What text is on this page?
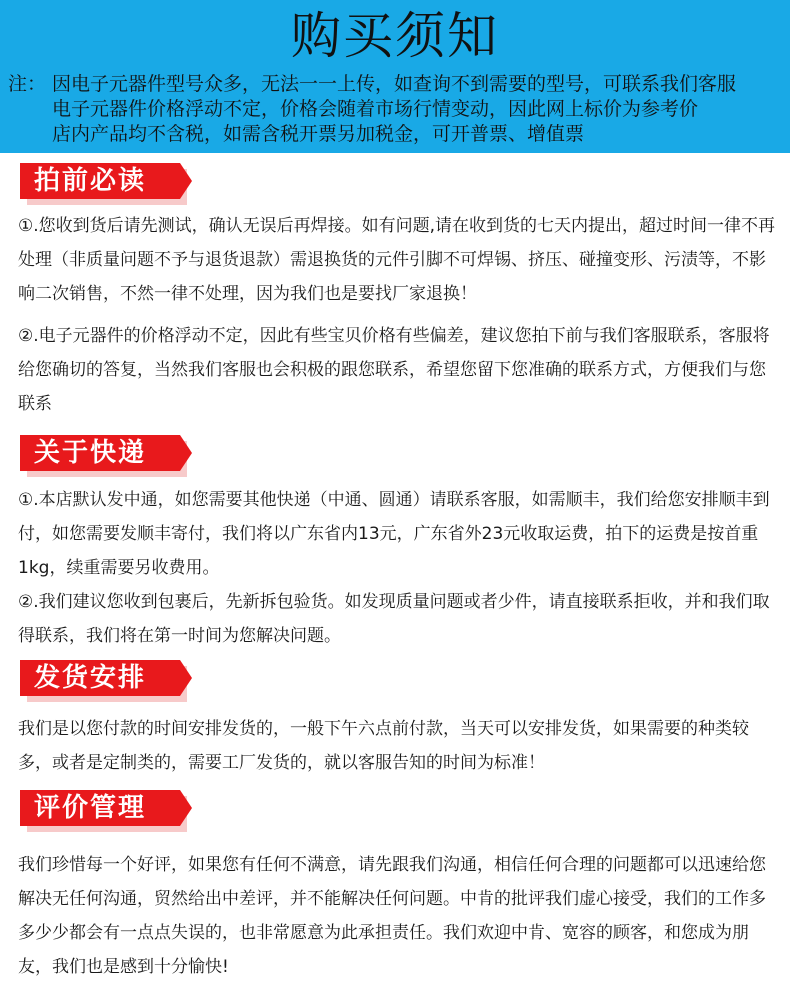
购买须知
注： 因电子元器件型号众多，无法一一上传，如查询不到需要的型号，可联系我们客服
电子元器件价格浮动不定，价格会随着市场行情变动，因此网上标价为参考价
店内产品均不含税，如需含税开票另加税金，可开普票、增值票
拍前必读

①.您收到货后请先测试，确认无误后再焊接。如有问题,请在收到货的七天内提出，超过时间一律不再处理（非质量问题不予与退货退款）需退换货的元件引脚不可焊锡、挤压、碰撞变形、污渍等，不影响二次销售，不然一律不处理，因为我们也是要找厂家退换！

②.电子元器件的价格浮动不定，因此有些宝贝价格有些偏差，建议您拍下前与我们客服联系，客服将给您确切的答复，当然我们客服也会积极的跟您联系，希望您留下您准确的联系方式，方便我们与您联系

关于快递

①.本店默认发中通，如您需要其他快递（中通、圆通）请联系客服，如需顺丰，我们给您安排顺丰到付，如您需要发顺丰寄付，我们将以广东省内13元，广东省外23元收取运费，拍下的运费是按首重1kg，续重需要另收费用。

②.我们建议您收到包裹后，先新拆包验货。如发现质量问题或者少件，请直接联系拒收，并和我们取得联系，我们将在第一时间为您解决问题。

发货安排

我们是以您付款的时间安排发货的，一般下午六点前付款，当天可以安排发货，如果需要的种类较多，或者是定制类的，需要工厂发货的，就以客服告知的时间为标准！

评价管理

我们珍惜每一个好评，如果您有任何不满意，请先跟我们沟通，相信任何合理的问题都可以迅速给您解决无任何沟通，贸然给出中差评，并不能解决任何问题。中肯的批评我们虚心接受，我们的工作多多少少都会有一点点失误的，也非常愿意为此承担责任。我们欢迎中肯、宽容的顾客，和您成为朋友，我们也是感到十分愉快!
